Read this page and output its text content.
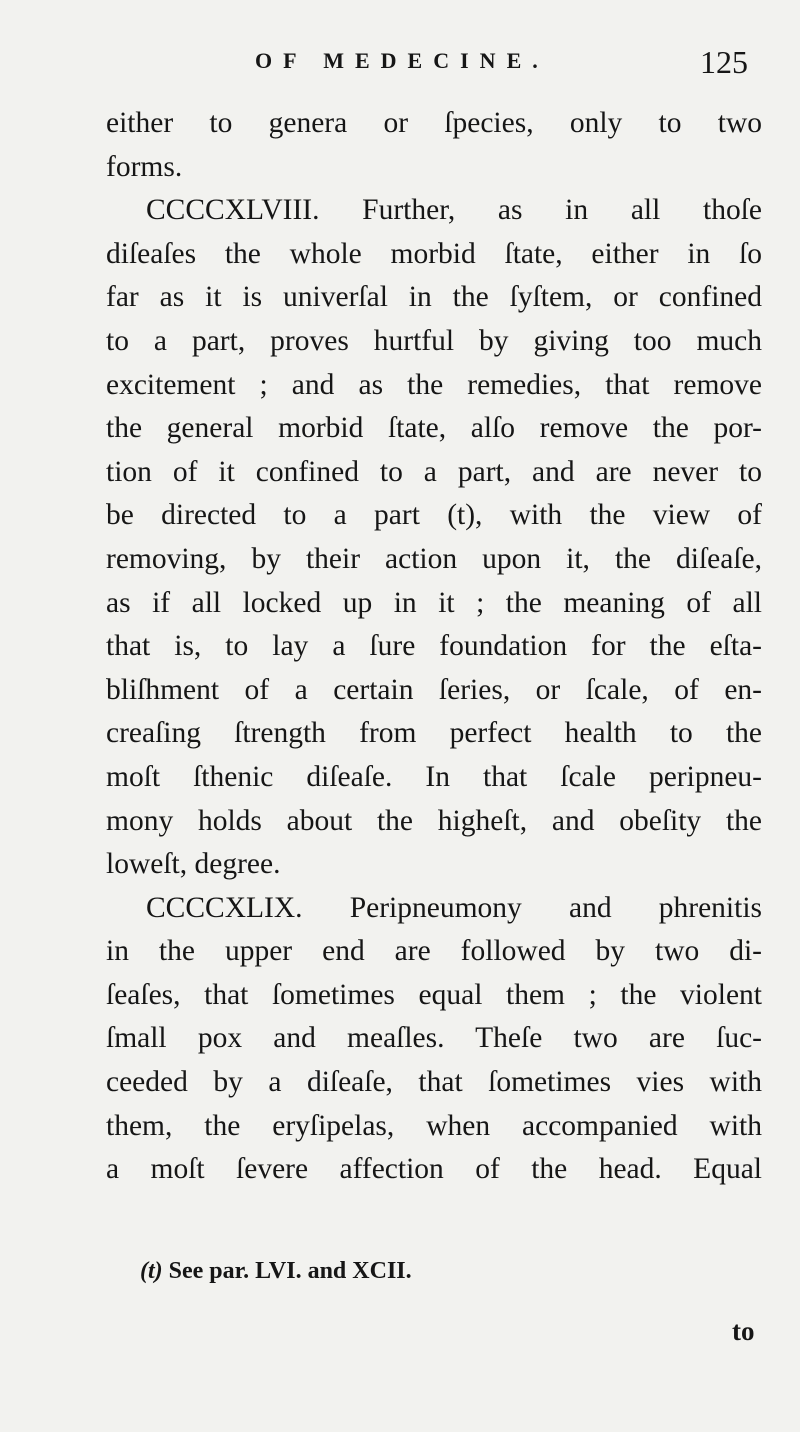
OF MEDECINE.	125
either to genera or ſpecies, only to two
forms.
CCCCXLVIII. Further, as in all thoſe
diſeaſes the whole morbid ſtate, either in ſo
far as it is univerſal in the ſyſtem, or confined
to a part, proves hurtful by giving too much
excitement ; and as the remedies, that remove
the general morbid ſtate, alſo remove the por-
tion of it confined to a part, and are never to
be directed to a part (t), with the view of
removing, by their action upon it, the diſeaſe,
as if all locked up in it ; the meaning of all
that is, to lay a ſure foundation for the eſta-
bliſhment of a certain ſeries, or ſcale, of en-
creaſing ſtrength from perfect health to the
moſt ſthenic diſeaſe. In that ſcale peripneu-
mony holds about the higheſt, and obeſity the
loweſt, degree.
CCCCXLIX. Peripneumony and phrenitis
in the upper end are followed by two di-
ſeaſes, that ſometimes equal them ; the violent
ſmall pox and meaſles. Theſe two are ſuc-
ceeded by a diſeaſe, that ſometimes vies with
them, the eryſipelas, when accompanied with
a moſt ſevere affection of the head. Equal
(t) See par. LVI. and XCII.
to
